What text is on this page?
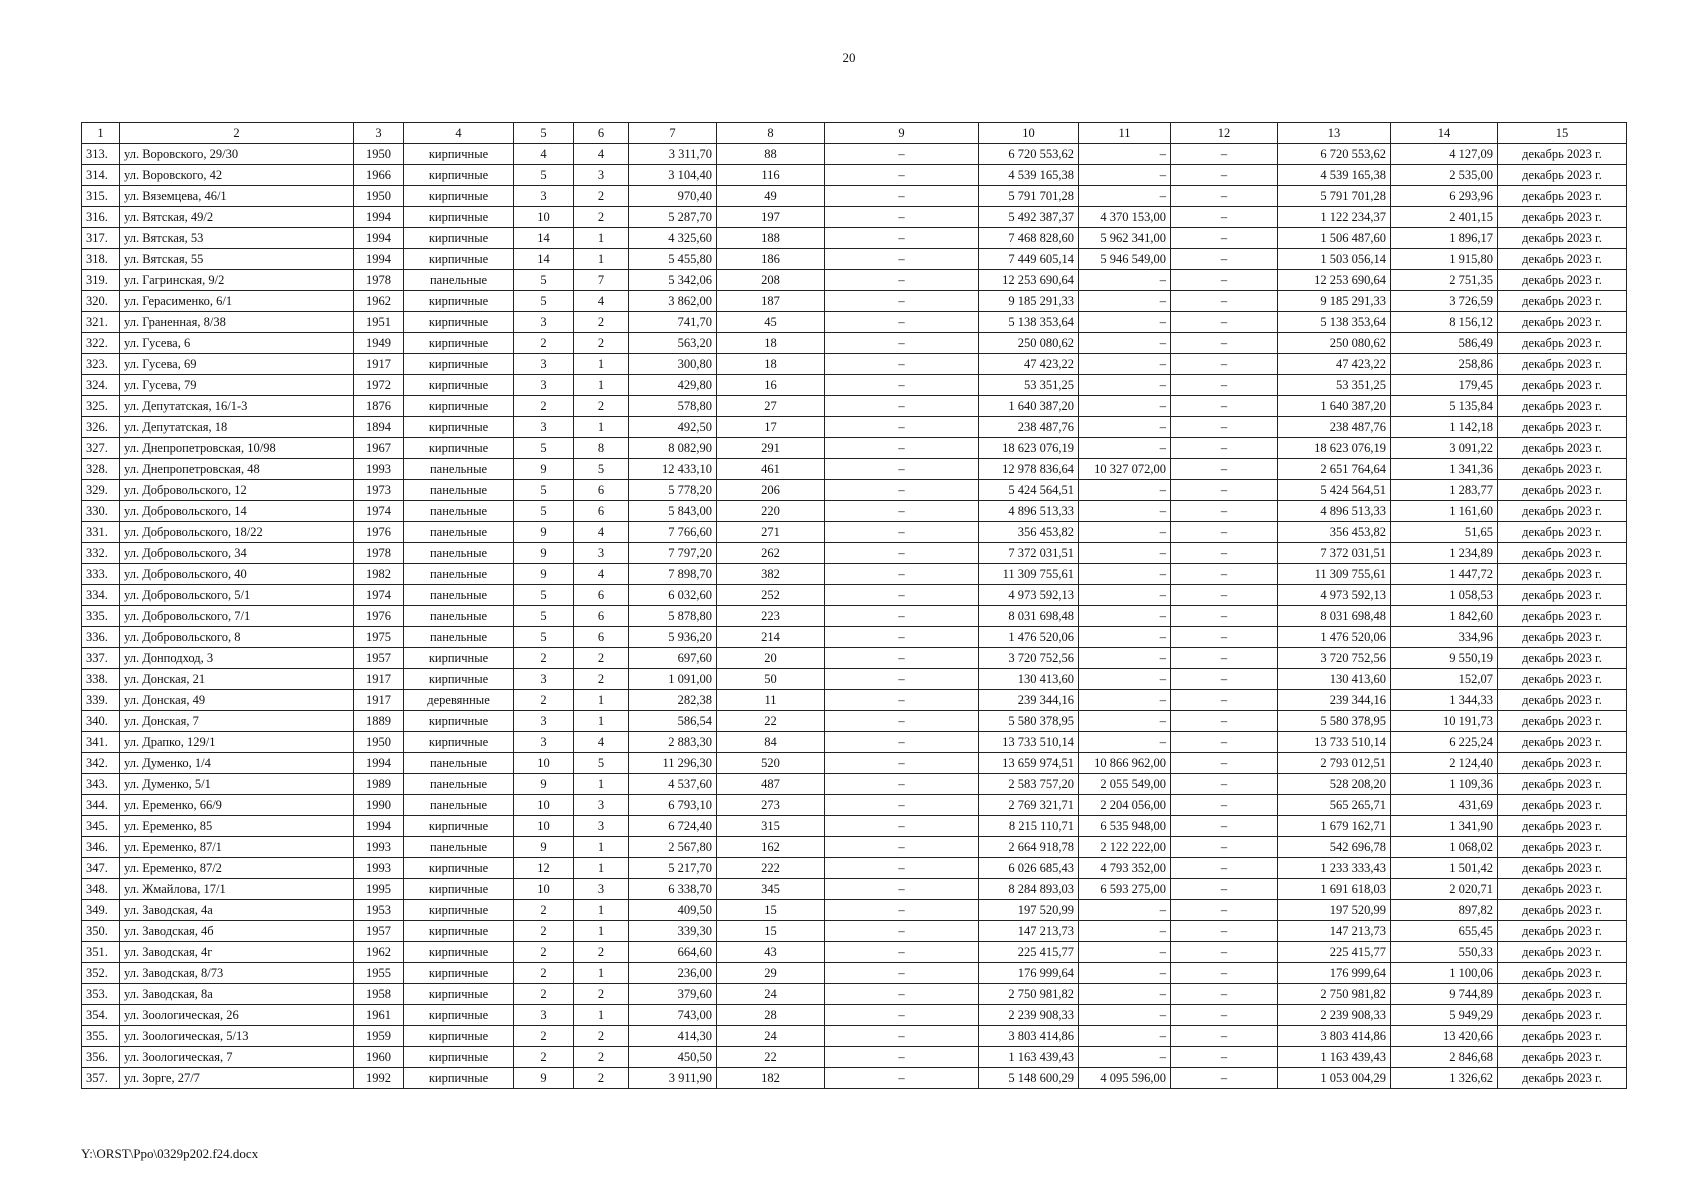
20
1	2	3	4	5	6	7	8	9	10	11	12	13	14	15
313.	ул. Воровского, 29/30	1950	кирпичные	4	4	3 311,70	88	–	6 720 553,62	–	–	6 720 553,62	4 127,09	декабрь 2023 г.
314.	ул. Воровского, 42	1966	кирпичные	5	3	3 104,40	116	–	4 539 165,38	–	–	4 539 165,38	2 535,00	декабрь 2023 г.
315.	ул. Вяземцева, 46/1	1950	кирпичные	3	2	970,40	49	–	5 791 701,28	–	–	5 791 701,28	6 293,96	декабрь 2023 г.
316.	ул. Вятская, 49/2	1994	кирпичные	10	2	5 287,70	197	–	5 492 387,37	4 370 153,00	–	1 122 234,37	2 401,15	декабрь 2023 г.
317.	ул. Вятская, 53	1994	кирпичные	14	1	4 325,60	188	–	7 468 828,60	5 962 341,00	–	1 506 487,60	1 896,17	декабрь 2023 г.
318.	ул. Вятская, 55	1994	кирпичные	14	1	5 455,80	186	–	7 449 605,14	5 946 549,00	–	1 503 056,14	1 915,80	декабрь 2023 г.
319.	ул. Гагринская, 9/2	1978	панельные	5	7	5 342,06	208	–	12 253 690,64	–	–	12 253 690,64	2 751,35	декабрь 2023 г.
320.	ул. Герасименко, 6/1	1962	кирпичные	5	4	3 862,00	187	–	9 185 291,33	–	–	9 185 291,33	3 726,59	декабрь 2023 г.
321.	ул. Граненная, 8/38	1951	кирпичные	3	2	741,70	45	–	5 138 353,64	–	–	5 138 353,64	8 156,12	декабрь 2023 г.
322.	ул. Гусева, 6	1949	кирпичные	2	2	563,20	18	–	250 080,62	–	–	250 080,62	586,49	декабрь 2023 г.
323.	ул. Гусева, 69	1917	кирпичные	3	1	300,80	18	–	47 423,22	–	–	47 423,22	258,86	декабрь 2023 г.
324.	ул. Гусева, 79	1972	кирпичные	3	1	429,80	16	–	53 351,25	–	–	53 351,25	179,45	декабрь 2023 г.
325.	ул. Депутатская, 16/1-3	1876	кирпичные	2	2	578,80	27	–	1 640 387,20	–	–	1 640 387,20	5 135,84	декабрь 2023 г.
326.	ул. Депутатская, 18	1894	кирпичные	3	1	492,50	17	–	238 487,76	–	–	238 487,76	1 142,18	декабрь 2023 г.
327.	ул. Днепропетровская, 10/98	1967	кирпичные	5	8	8 082,90	291	–	18 623 076,19	–	–	18 623 076,19	3 091,22	декабрь 2023 г.
328.	ул. Днепропетровская, 48	1993	панельные	9	5	12 433,10	461	–	12 978 836,64	10 327 072,00	–	2 651 764,64	1 341,36	декабрь 2023 г.
329.	ул. Добровольского, 12	1973	панельные	5	6	5 778,20	206	–	5 424 564,51	–	–	5 424 564,51	1 283,77	декабрь 2023 г.
330.	ул. Добровольского, 14	1974	панельные	5	6	5 843,00	220	–	4 896 513,33	–	–	4 896 513,33	1 161,60	декабрь 2023 г.
331.	ул. Добровольского, 18/22	1976	панельные	9	4	7 766,60	271	–	356 453,82	–	–	356 453,82	51,65	декабрь 2023 г.
332.	ул. Добровольского, 34	1978	панельные	9	3	7 797,20	262	–	7 372 031,51	–	–	7 372 031,51	1 234,89	декабрь 2023 г.
333.	ул. Добровольского, 40	1982	панельные	9	4	7 898,70	382	–	11 309 755,61	–	–	11 309 755,61	1 447,72	декабрь 2023 г.
334.	ул. Добровольского, 5/1	1974	панельные	5	6	6 032,60	252	–	4 973 592,13	–	–	4 973 592,13	1 058,53	декабрь 2023 г.
335.	ул. Добровольского, 7/1	1976	панельные	5	6	5 878,80	223	–	8 031 698,48	–	–	8 031 698,48	1 842,60	декабрь 2023 г.
336.	ул. Добровольского, 8	1975	панельные	5	6	5 936,20	214	–	1 476 520,06	–	–	1 476 520,06	334,96	декабрь 2023 г.
337.	ул. Донподход, 3	1957	кирпичные	2	2	697,60	20	–	3 720 752,56	–	–	3 720 752,56	9 550,19	декабрь 2023 г.
338.	ул. Донская, 21	1917	кирпичные	3	2	1 091,00	50	–	130 413,60	–	–	130 413,60	152,07	декабрь 2023 г.
339.	ул. Донская, 49	1917	деревянные	2	1	282,38	11	–	239 344,16	–	–	239 344,16	1 344,33	декабрь 2023 г.
340.	ул. Донская, 7	1889	кирпичные	3	1	586,54	22	–	5 580 378,95	–	–	5 580 378,95	10 191,73	декабрь 2023 г.
341.	ул. Драпко, 129/1	1950	кирпичные	3	4	2 883,30	84	–	13 733 510,14	–	–	13 733 510,14	6 225,24	декабрь 2023 г.
342.	ул. Думенко, 1/4	1994	панельные	10	5	11 296,30	520	–	13 659 974,51	10 866 962,00	–	2 793 012,51	2 124,40	декабрь 2023 г.
343.	ул. Думенко, 5/1	1989	панельные	9	1	4 537,60	487	–	2 583 757,20	2 055 549,00	–	528 208,20	1 109,36	декабрь 2023 г.
344.	ул. Еременко, 66/9	1990	панельные	10	3	6 793,10	273	–	2 769 321,71	2 204 056,00	–	565 265,71	431,69	декабрь 2023 г.
345.	ул. Еременко, 85	1994	кирпичные	10	3	6 724,40	315	–	8 215 110,71	6 535 948,00	–	1 679 162,71	1 341,90	декабрь 2023 г.
346.	ул. Еременко, 87/1	1993	панельные	9	1	2 567,80	162	–	2 664 918,78	2 122 222,00	–	542 696,78	1 068,02	декабрь 2023 г.
347.	ул. Еременко, 87/2	1993	кирпичные	12	1	5 217,70	222	–	6 026 685,43	4 793 352,00	–	1 233 333,43	1 501,42	декабрь 2023 г.
348.	ул. Жмайлова, 17/1	1995	кирпичные	10	3	6 338,70	345	–	8 284 893,03	6 593 275,00	–	1 691 618,03	2 020,71	декабрь 2023 г.
349.	ул. Заводская, 4а	1953	кирпичные	2	1	409,50	15	–	197 520,99	–	–	197 520,99	897,82	декабрь 2023 г.
350.	ул. Заводская, 4б	1957	кирпичные	2	1	339,30	15	–	147 213,73	–	–	147 213,73	655,45	декабрь 2023 г.
351.	ул. Заводская, 4г	1962	кирпичные	2	2	664,60	43	–	225 415,77	–	–	225 415,77	550,33	декабрь 2023 г.
352.	ул. Заводская, 8/73	1955	кирпичные	2	1	236,00	29	–	176 999,64	–	–	176 999,64	1 100,06	декабрь 2023 г.
353.	ул. Заводская, 8а	1958	кирпичные	2	2	379,60	24	–	2 750 981,82	–	–	2 750 981,82	9 744,89	декабрь 2023 г.
354.	ул. Зоологическая, 26	1961	кирпичные	3	1	743,00	28	–	2 239 908,33	–	–	2 239 908,33	5 949,29	декабрь 2023 г.
355.	ул. Зоологическая, 5/13	1959	кирпичные	2	2	414,30	24	–	3 803 414,86	–	–	3 803 414,86	13 420,66	декабрь 2023 г.
356.	ул. Зоологическая, 7	1960	кирпичные	2	2	450,50	22	–	1 163 439,43	–	–	1 163 439,43	2 846,68	декабрь 2023 г.
357.	ул. Зорге, 27/7	1992	кирпичные	9	2	3 911,90	182	–	5 148 600,29	4 095 596,00	–	1 053 004,29	1 326,62	декабрь 2023 г.
Y:\ORST\Ppo\0329p202.f24.docx
